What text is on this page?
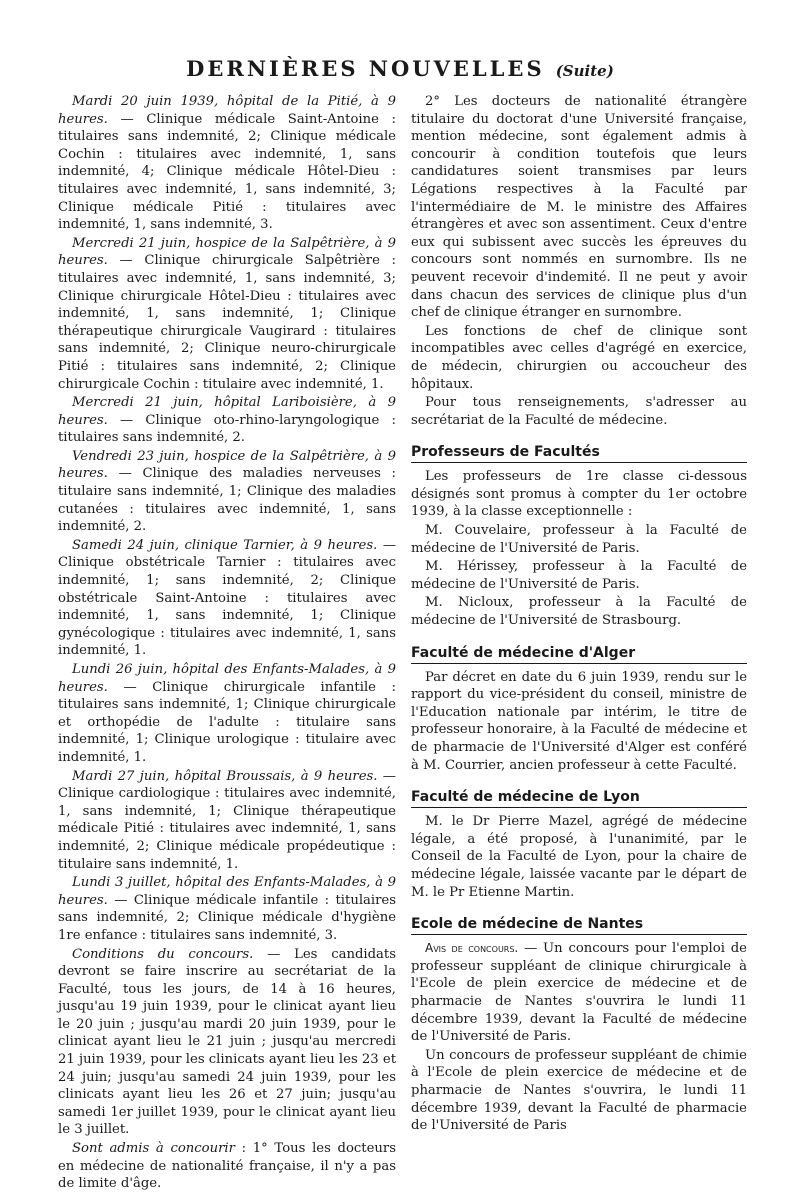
DERNIÈRES NOUVELLES (Suite)

Mardi 20 juin 1939, hôpital de la Pitié, à 9 heures. — Clinique médicale Saint-Antoine : titulaires sans indemnité, 2; Clinique médicale Cochin : titulaires avec indemnité, 1, sans indemnité, 4; Clinique médicale Hôtel-Dieu : titulaires avec indemnité, 1, sans indemnité, 3; Clinique médicale Pitié : titulaires avec indemnité, 1, sans indemnité, 3.

Mercredi 21 juin, hospice de la Salpêtrière, à 9 heures. — Clinique chirurgicale Salpêtrière : titulaires avec indemnité, 1, sans indemnité, 3; Clinique chirurgicale Hôtel-Dieu : titulaires avec indemnité, 1, sans indemnité, 1; Clinique thérapeutique chirurgicale Vaugirard : titulaires sans indemnité, 2; Clinique neuro-chirurgicale Pitié : titulaires sans indemnité, 2; Clinique chirurgicale Cochin : titulaire avec indemnité, 1.

Mercredi 21 juin, hôpital Lariboisière, à 9 heures. — Clinique oto-rhino-laryngologique : titulaires sans indemnité, 2.

Vendredi 23 juin, hospice de la Salpêtrière, à 9 heures. — Clinique des maladies nerveuses : titulaire sans indemnité, 1; Clinique des maladies cutanées : titulaires avec indemnité, 1, sans indemnité, 2.

Samedi 24 juin, clinique Tarnier, à 9 heures. — Clinique obstétricale Tarnier : titulaires avec indemnité, 1; sans indemnité, 2; Clinique obstétricale Saint-Antoine : titulaires avec indemnité, 1, sans indemnité, 1; Clinique gynécologique : titulaires avec indemnité, 1, sans indemnité, 1.

Lundi 26 juin, hôpital des Enfants-Malades, à 9 heures. — Clinique chirurgicale infantile : titulaires sans indemnité, 1; Clinique chirurgicale et orthopédie de l'adulte : titulaire sans indemnité, 1; Clinique urologique : titulaire avec indemnité, 1.

Mardi 27 juin, hôpital Broussais, à 9 heures. — Clinique cardiologique : titulaires avec indemnité, 1, sans indemnité, 1; Clinique thérapeutique médicale Pitié : titulaires avec indemnité, 1, sans indemnité, 2; Clinique médicale propédeutique : titulaire sans indemnité, 1.

Lundi 3 juillet, hôpital des Enfants-Malades, à 9 heures. — Clinique médicale infantile : titulaires sans indemnité, 2; Clinique médicale d'hygiène 1re enfance : titulaires sans indemnité, 3.

Conditions du concours. — Les candidats devront se faire inscrire au secrétariat de la Faculté, tous les jours, de 14 à 16 heures, jusqu'au 19 juin 1939, pour le clinicat ayant lieu le 20 juin ; jusqu'au mardi 20 juin 1939, pour le clinicat ayant lieu le 21 juin ; jusqu'au mercredi 21 juin 1939, pour les clinicats ayant lieu les 23 et 24 juin; jusqu'au samedi 24 juin 1939, pour les clinicats ayant lieu les 26 et 27 juin; jusqu'au samedi 1er juillet 1939, pour le clinicat ayant lieu le 3 juillet.

Sont admis à concourir : 1° Tous les docteurs en médecine de nationalité française, il n'y a pas de limite d'âge.

2° Les docteurs de nationalité étrangère titulaire du doctorat d'une Université française, mention médecine, sont également admis à concourir à condition toutefois que leurs candidatures soient transmises par leurs Légations respectives à la Faculté par l'intermédiaire de M. le ministre des Affaires étrangères et avec son assentiment. Ceux d'entre eux qui subissent avec succès les épreuves du concours sont nommés en surnombre. Ils ne peuvent recevoir d'indemité. Il ne peut y avoir dans chacun des services de clinique plus d'un chef de clinique étranger en surnombre.

Les fonctions de chef de clinique sont incompatibles avec celles d'agrégé en exercice, de médecin, chirurgien ou accoucheur des hôpitaux.

Pour tous renseignements, s'adresser au secrétariat de la Faculté de médecine.

Professeurs de Facultés

Les professeurs de 1re classe ci-dessous désignés sont promus à compter du 1er octobre 1939, à la classe exceptionnelle :

M. Couvelaire, professeur à la Faculté de médecine de l'Université de Paris.

M. Hérissey, professeur à la Faculté de médecine de l'Université de Paris.

M. Nicloux, professeur à la Faculté de médecine de l'Université de Strasbourg.

Faculté de médecine d'Alger

Par décret en date du 6 juin 1939, rendu sur le rapport du vice-président du conseil, ministre de l'Education nationale par intérim, le titre de professeur honoraire, à la Faculté de médecine et de pharmacie de l'Université d'Alger est conféré à M. Courrier, ancien professeur à cette Faculté.

Faculté de médecine de Lyon

M. le Dr Pierre Mazel, agrégé de médecine légale, a été proposé, à l'unanimité, par le Conseil de la Faculté de Lyon, pour la chaire de médecine légale, laissée vacante par le départ de M. le Pr Etienne Martin.

Ecole de médecine de Nantes

Avis de concours. — Un concours pour l'emploi de professeur suppléant de clinique chirurgicale à l'Ecole de plein exercice de médecine et de pharmacie de Nantes s'ouvrira le lundi 11 décembre 1939, devant la Faculté de médecine de l'Université de Paris.

Un concours de professeur suppléant de chimie à l'Ecole de plein exercice de médecine et de pharmacie de Nantes s'ouvrira, le lundi 11 décembre 1939, devant la Faculté de pharmacie de l'Université de Paris
